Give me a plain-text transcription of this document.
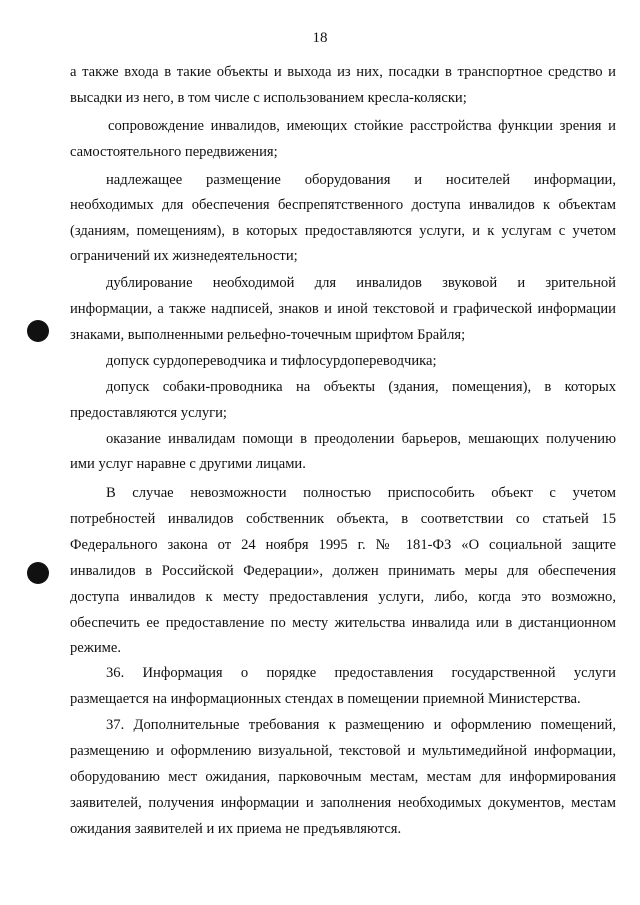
18
а также входа в такие объекты и выхода из них, посадки в транспортное средство и
высадки из него, в том числе с использованием кресла-коляски;
сопровождение инвалидов, имеющих стойкие расстройства функции зрения и
самостоятельного передвижения;
надлежащее размещение оборудования и носителей информации,
необходимых для обеспечения беспрепятственного доступа инвалидов к объектам
(зданиям, помещениям), в которых предоставляются услуги, и к услугам с учетом
ограничений их жизнедеятельности;
дублирование необходимой для инвалидов звуковой и зрительной
информации, а также надписей, знаков и иной текстовой и графической информации
знаками, выполненными рельефно-точечным шрифтом Брайля;
допуск сурдопереводчика и тифлосурдопереводчика;
допуск собаки-проводника на объекты (здания, помещения), в которых
предоставляются услуги;
оказание инвалидам помощи в преодолении барьеров, мешающих получению
ими услуг наравне с другими лицами.
В случае невозможности полностью приспособить объект с учетом
потребностей инвалидов собственник объекта, в соответствии со статьей 15
Федерального закона от 24 ноября 1995 г. № 181-ФЗ «О социальной защите
инвалидов в Российской Федерации», должен принимать меры для обеспечения
доступа инвалидов к месту предоставления услуги, либо, когда это возможно,
обеспечить ее предоставление по месту жительства инвалида или в дистанционном
режиме.
36. Информация о порядке предоставления государственной услуги
размещается на информационных стендах в помещении приемной Министерства.
37. Дополнительные требования к размещению и оформлению помещений,
размещению и оформлению визуальной, текстовой и мультимедийной информации,
оборудованию мест ожидания, парковочным местам, местам для информирования
заявителей, получения информации и заполнения необходимых документов, местам
ожидания заявителей и их приема не предъявляются.
